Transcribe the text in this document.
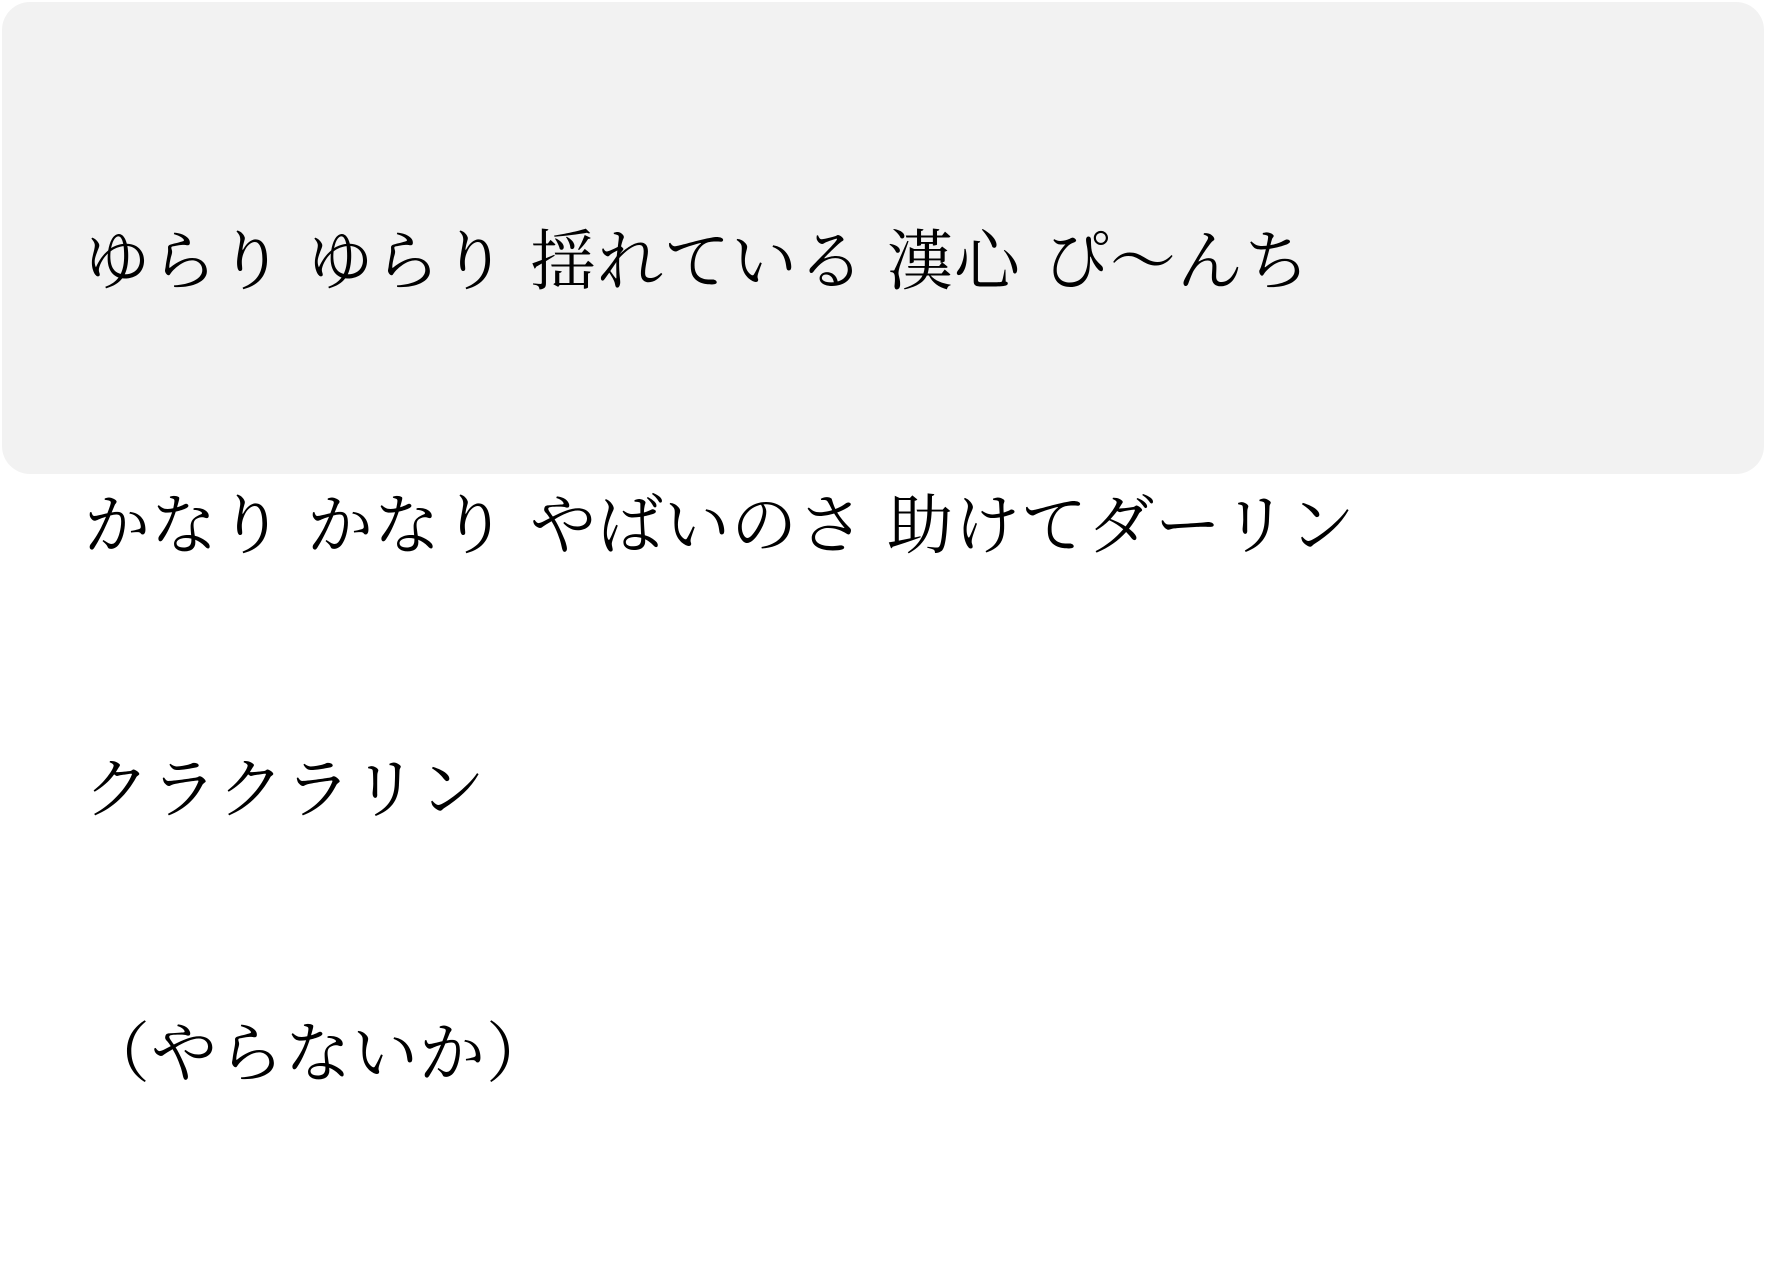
ゆらり ゆらり 揺れている 漢心 ぴ〜んち

かなり かなり やばいのさ 助けてダーリン

クラクラリン

（やらないか）
